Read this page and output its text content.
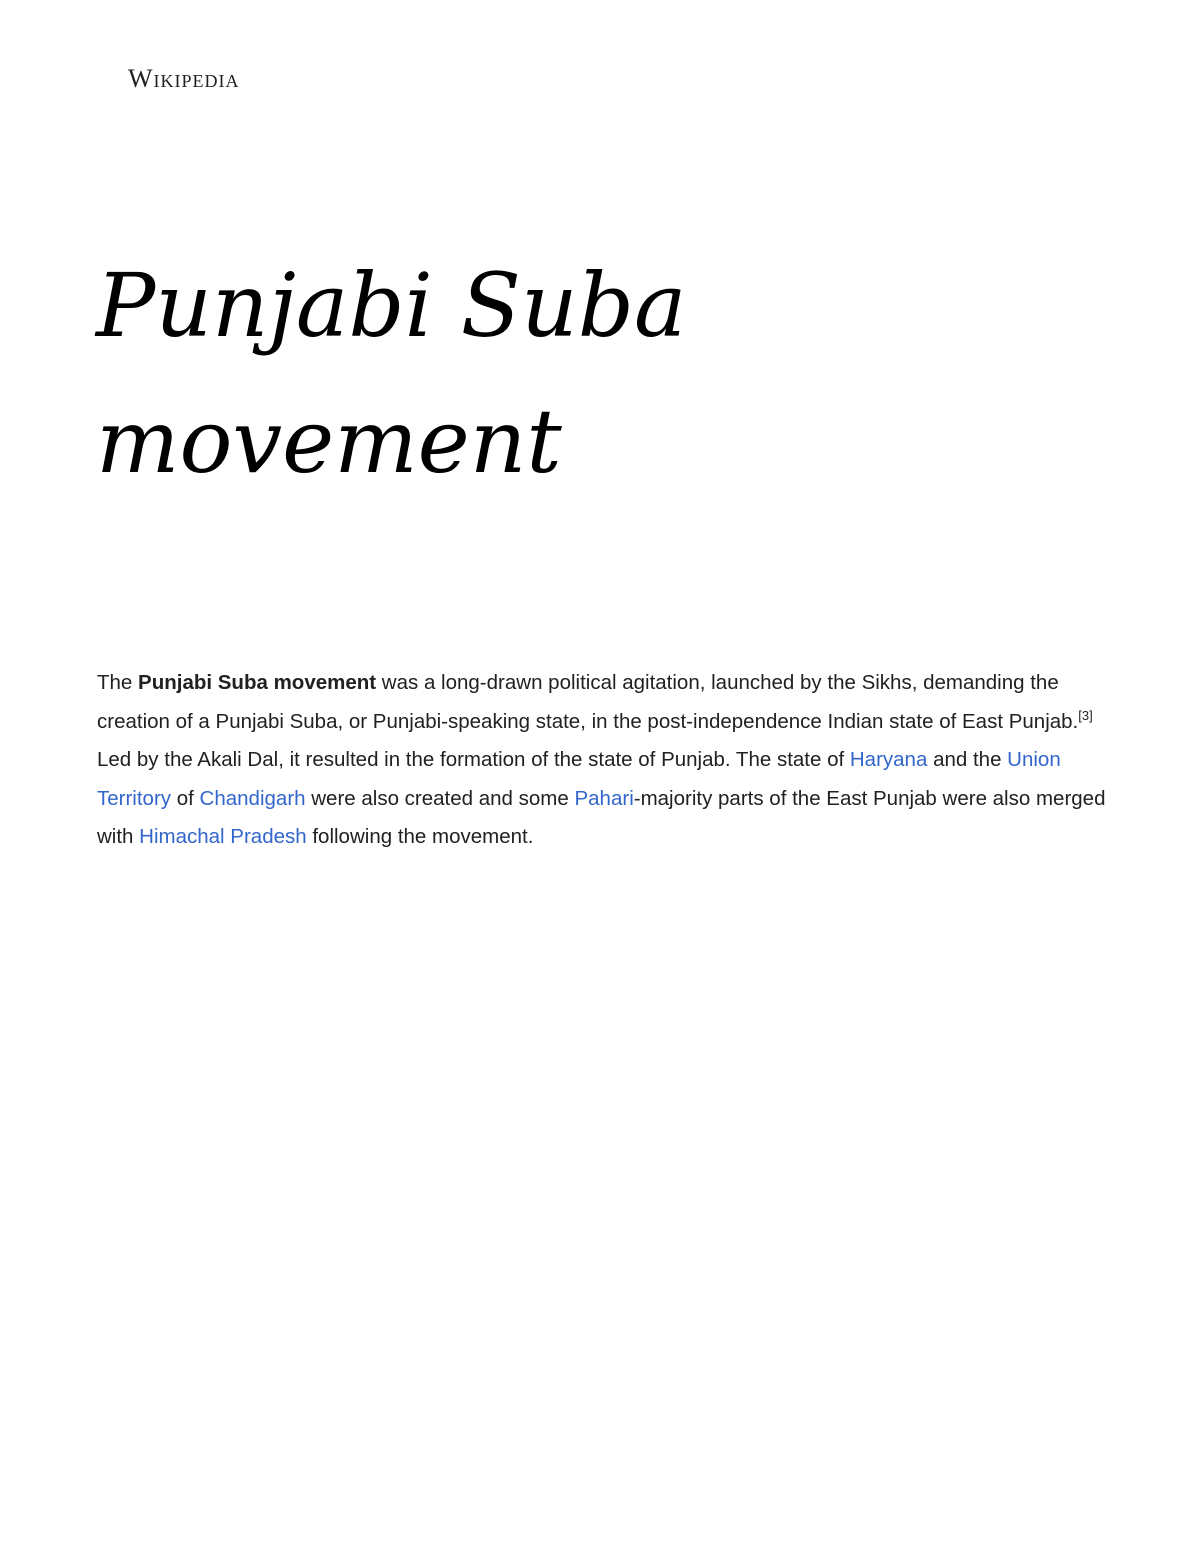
Wikipedia
Punjabi Suba movement

The Punjabi Suba movement was a long-drawn political agitation, launched by the Sikhs, demanding the creation of a Punjabi Suba, or Punjabi-speaking state, in the post-independence Indian state of East Punjab.[3] Led by the Akali Dal, it resulted in the formation of the state of Punjab. The state of Haryana and the Union Territory of Chandigarh were also created and some Pahari-majority parts of the East Punjab were also merged with Himachal Pradesh following the movement.
